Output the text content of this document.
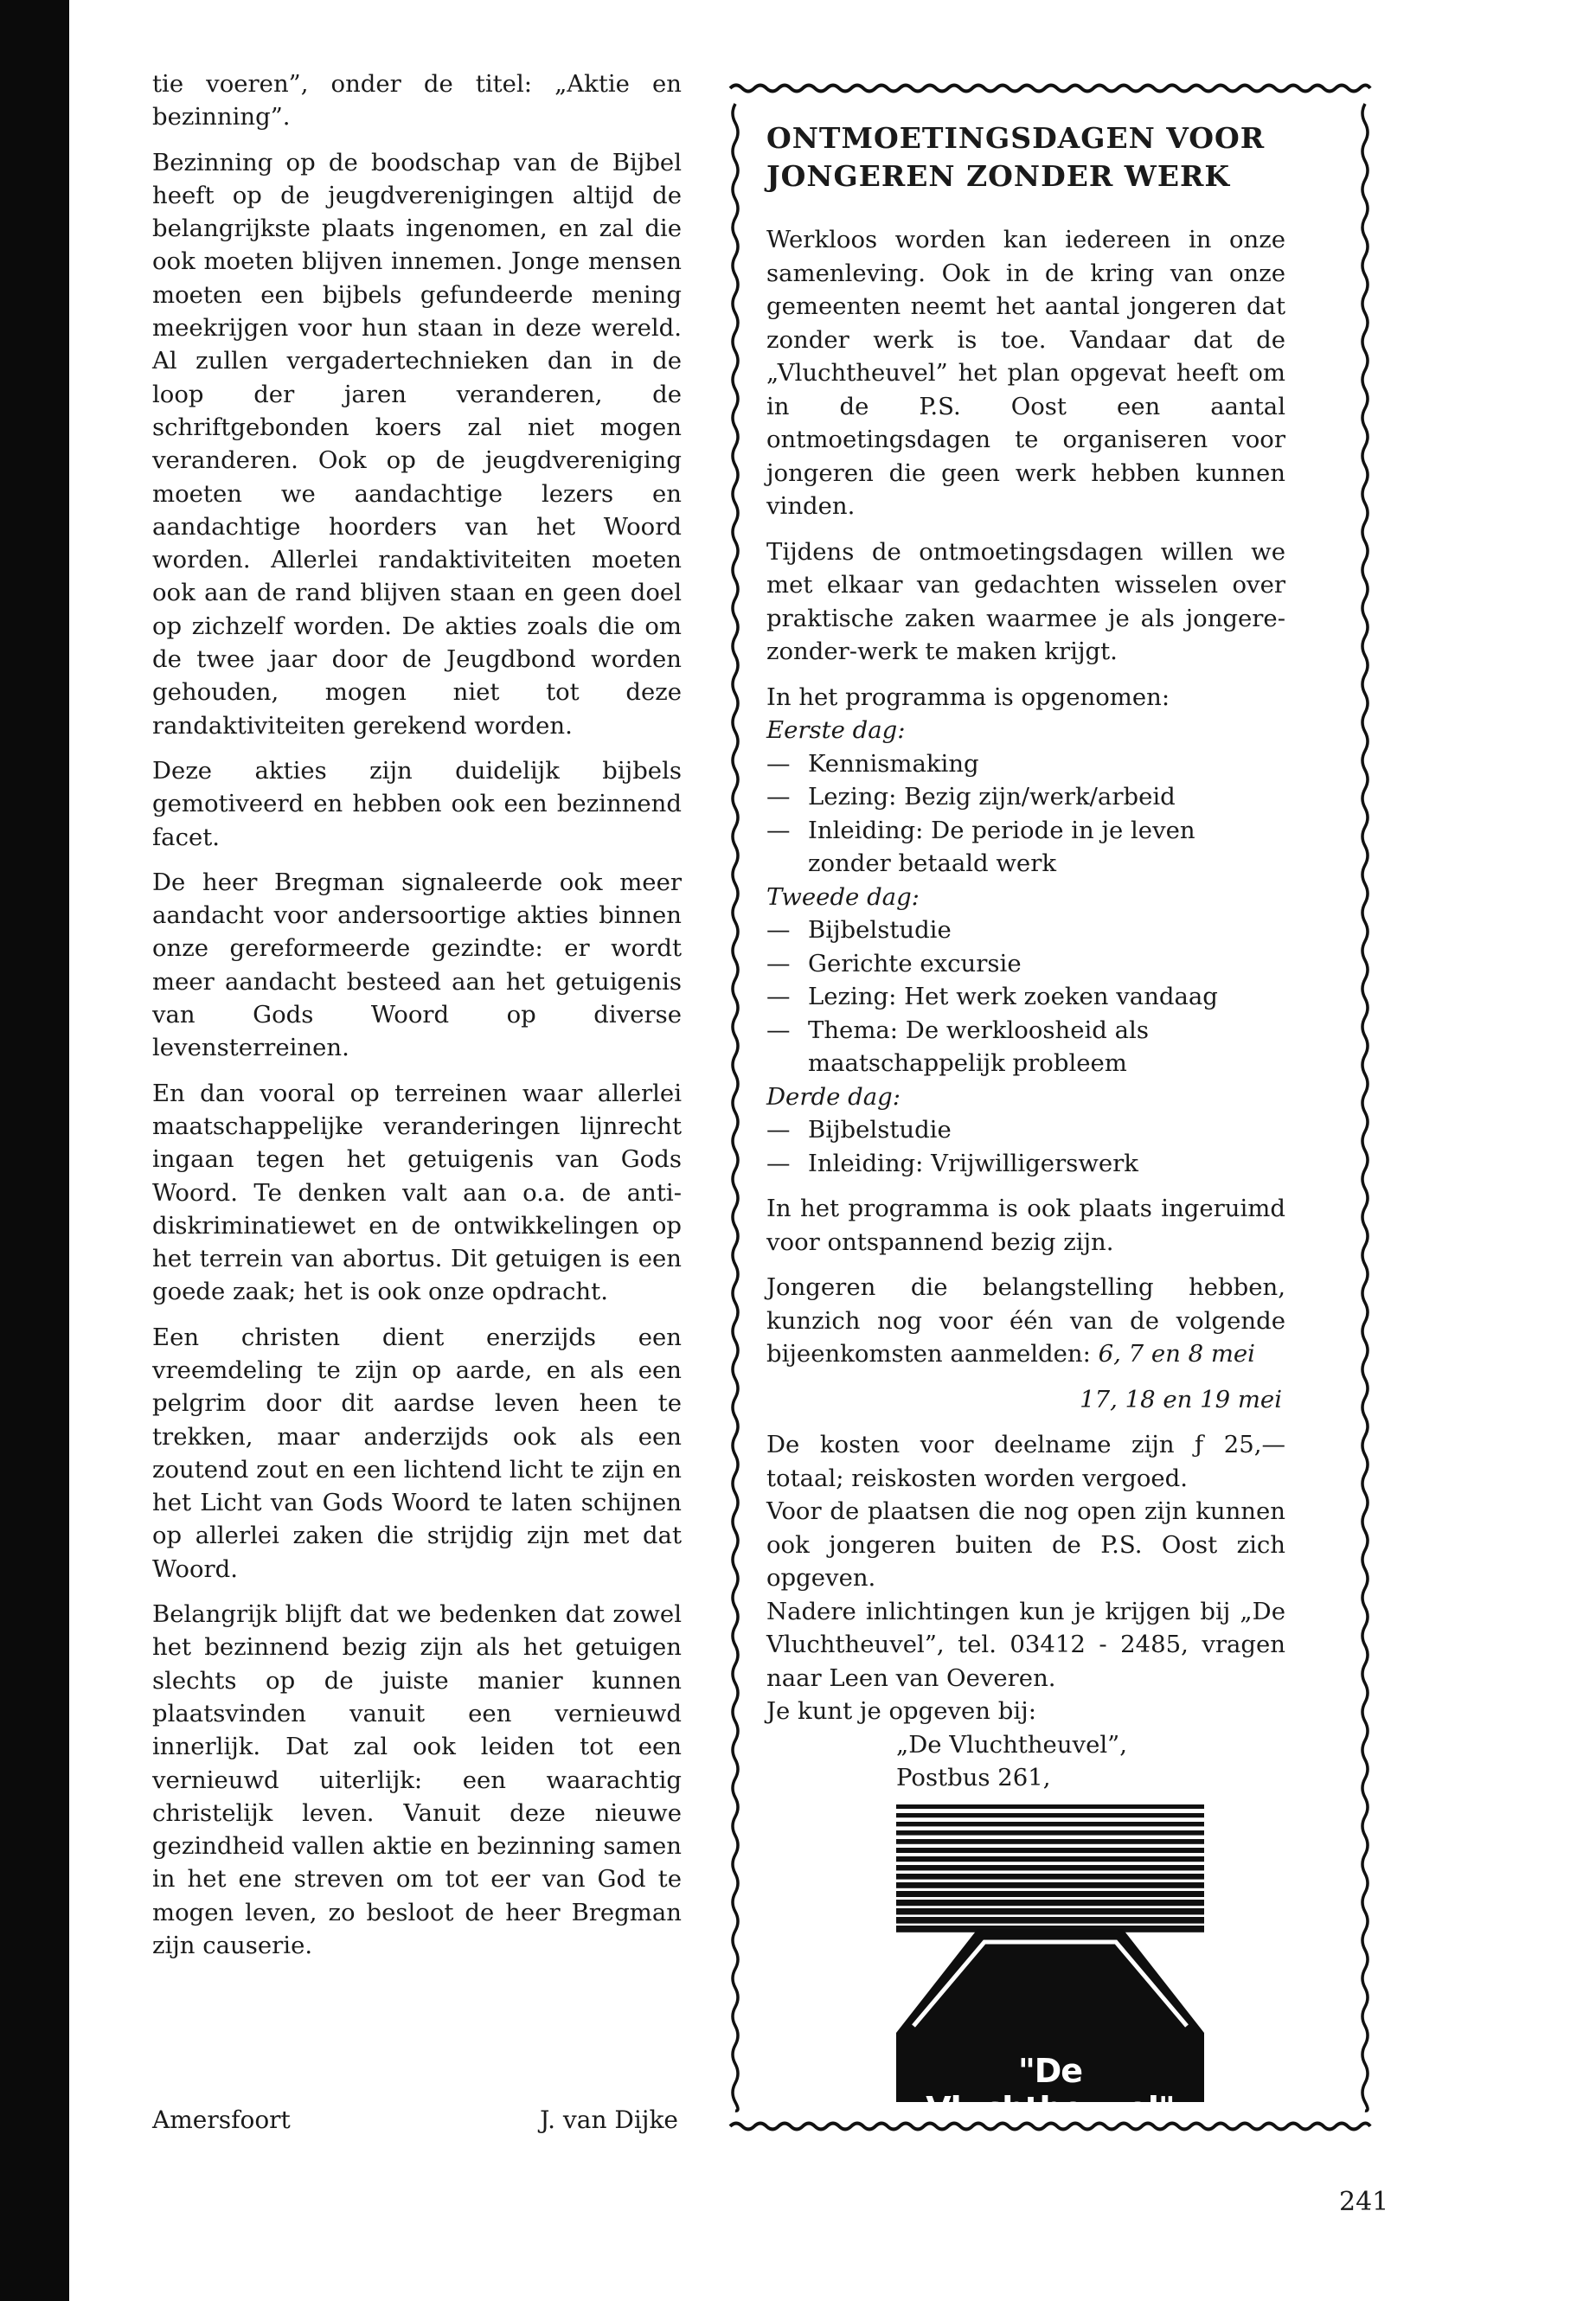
tie voeren”, onder de titel: „Aktie en bezinning”.

Bezinning op de boodschap van de Bijbel heeft op de jeugdverenigingen altijd de belangrijkste plaats ingenomen, en zal die ook moeten blijven innemen. Jonge mensen moeten een bijbels gefundeerde mening meekrijgen voor hun staan in deze wereld. Al zullen vergadertechnieken dan in de loop der jaren veranderen, de schriftgebonden koers zal niet mogen veranderen. Ook op de jeugdvereniging moeten we aandachtige lezers en aandachtige hoorders van het Woord worden. Allerlei randaktiviteiten moeten ook aan de rand blijven staan en geen doel op zichzelf worden. De akties zoals die om de twee jaar door de Jeugdbond worden gehouden, mogen niet tot deze randaktiviteiten gerekend worden.

Deze akties zijn duidelijk bijbels gemotiveerd en hebben ook een bezinnend facet.

De heer Bregman signaleerde ook meer aandacht voor andersoortige akties binnen onze gereformeerde gezindte: er wordt meer aandacht besteed aan het getuigenis van Gods Woord op diverse levensterreinen.

En dan vooral op terreinen waar allerlei maatschappelijke veranderingen lijnrecht ingaan tegen het getuigenis van Gods Woord. Te denken valt aan o.a. de anti-diskriminatiewet en de ontwikkelingen op het terrein van abortus. Dit getuigen is een goede zaak; het is ook onze opdracht.

Een christen dient enerzijds een vreemdeling te zijn op aarde, en als een pelgrim door dit aardse leven heen te trekken, maar anderzijds ook als een zoutend zout en een lichtend licht te zijn en het Licht van Gods Woord te laten schijnen op allerlei zaken die strijdig zijn met dat Woord.

Belangrijk blijft dat we bedenken dat zowel het bezinnend bezig zijn als het getuigen slechts op de juiste manier kunnen plaatsvinden vanuit een vernieuwd innerlijk. Dat zal ook leiden tot een vernieuwd uiterlijk: een waarachtig christelijk leven. Vanuit deze nieuwe gezindheid vallen aktie en bezinning samen in het ene streven om tot eer van God te mogen leven, zo besloot de heer Bregman zijn causerie.

Amersfoort	J. van Dijke
ONTMOETINGSDAGEN VOOR JONGEREN ZONDER WERK

Werkloos worden kan iedereen in onze samenleving. Ook in de kring van onze gemeenten neemt het aantal jongeren dat zonder werk is toe. Vandaar dat de „Vluchtheuvel” het plan opgevat heeft om in de P.S. Oost een aantal ontmoetingsdagen te organiseren voor jongeren die geen werk hebben kunnen vinden.

Tijdens de ontmoetingsdagen willen we met elkaar van gedachten wisselen over praktische zaken waarmee je als jongere-zonder-werk te maken krijgt.

In het programma is opgenomen:

Eerste dag:
— Kennismaking
— Lezing: Bezig zijn/werk/arbeid
— Inleiding: De periode in je leven zonder betaald werk
Tweede dag:
— Bijbelstudie
— Gerichte excursie
— Lezing: Het werk zoeken vandaag
— Thema: De werkloosheid als maatschappelijk probleem
Derde dag:
— Bijbelstudie
— Inleiding: Vrijwilligerswerk

In het programma is ook plaats ingeruimd voor ontspannend bezig zijn.

Jongeren die belangstelling hebben, kunzich nog voor één van de volgende bijeenkomsten aanmelden: 6, 7 en 8 mei

17, 18 en 19 mei

De kosten voor deelname zijn ƒ 25,— totaal; reiskosten worden vergoed.

Voor de plaatsen die nog open zijn kunnen ook jongeren buiten de P.S. Oost zich opgeven.

Nadere inlichtingen kun je krijgen bij „De Vluchtheuvel”, tel. 03412 - 2485, vragen naar Leen van Oeveren.

Je kunt je opgeven bij:

„De Vluchtheuvel”,
Postbus 261,
"De Vluchtheuvel"
241
